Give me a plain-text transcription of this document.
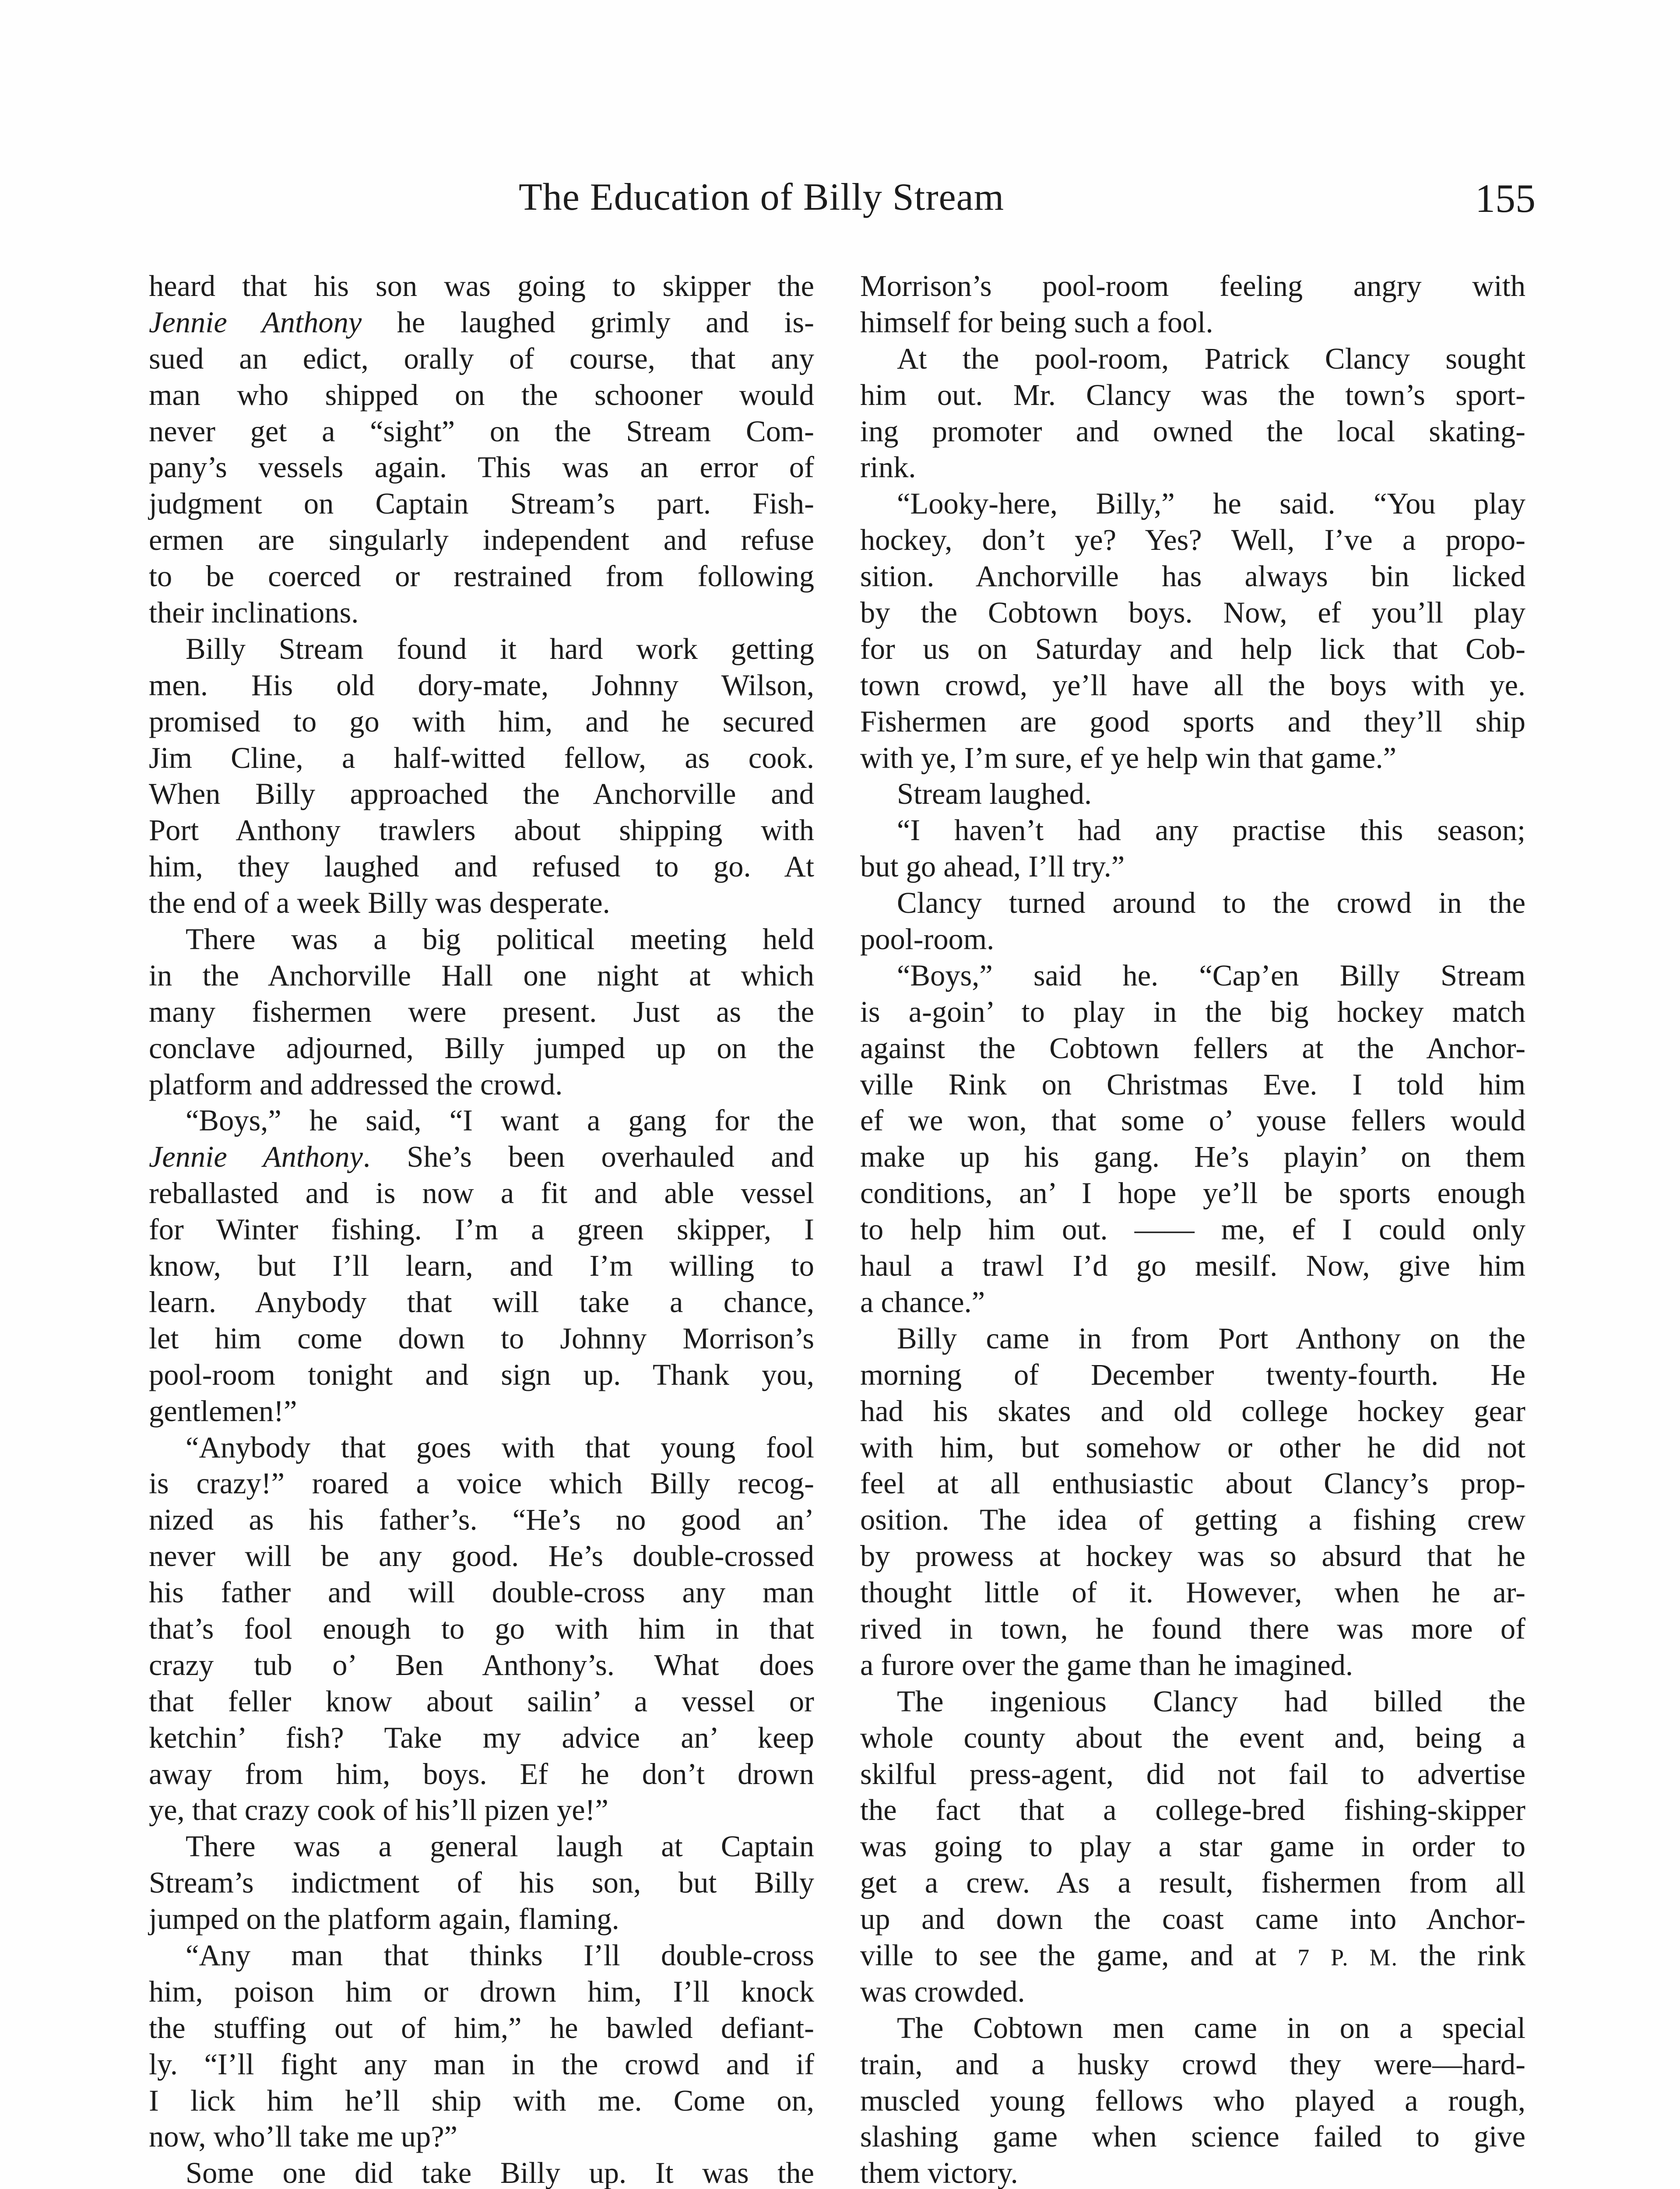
The Education of Billy Stream	155
heard that his son was going to skipper the
Jennie Anthony he laughed grimly and is-
sued an edict, orally of course, that any
man who shipped on the schooner would
never get a “sight” on the Stream Com-
pany’s vessels again. This was an error of
judgment on Captain Stream’s part. Fish-
ermen are singularly independent and refuse
to be coerced or restrained from following
their inclinations.
Billy Stream found it hard work getting
men. His old dory-mate, Johnny Wilson,
promised to go with him, and he secured
Jim Cline, a half-witted fellow, as cook.
When Billy approached the Anchorville and
Port Anthony trawlers about shipping with
him, they laughed and refused to go. At
the end of a week Billy was desperate.
There was a big political meeting held
in the Anchorville Hall one night at which
many fishermen were present. Just as the
conclave adjourned, Billy jumped up on the
platform and addressed the crowd.
“Boys,” he said, “I want a gang for the
Jennie Anthony. She’s been overhauled and
reballasted and is now a fit and able vessel
for Winter fishing. I’m a green skipper, I
know, but I’ll learn, and I’m willing to
learn. Anybody that will take a chance,
let him come down to Johnny Morrison’s
pool-room tonight and sign up. Thank you,
gentlemen!”
“Anybody that goes with that young fool
is crazy!” roared a voice which Billy recog-
nized as his father’s. “He’s no good an’
never will be any good. He’s double-crossed
his father and will double-cross any man
that’s fool enough to go with him in that
crazy tub o’ Ben Anthony’s. What does
that feller know about sailin’ a vessel or
ketchin’ fish? Take my advice an’ keep
away from him, boys. Ef he don’t drown
ye, that crazy cook of his’ll pizen ye!”
There was a general laugh at Captain
Stream’s indictment of his son, but Billy
jumped on the platform again, flaming.
“Any man that thinks I’ll double-cross
him, poison him or drown him, I’ll knock
the stuffing out of him,” he bawled defiant-
ly. “I’ll fight any man in the crowd and if
I lick him he’ll ship with me. Come on,
now, who’ll take me up?”
Some one did take Billy up. It was the
Morrison’s pool-room feeling angry with
himself for being such a fool.
At the pool-room, Patrick Clancy sought
him out. Mr. Clancy was the town’s sport-
ing promoter and owned the local skating-
rink.
“Looky-here, Billy,” he said. “You play
hockey, don’t ye? Yes? Well, I’ve a propo-
sition. Anchorville has always bin licked
by the Cobtown boys. Now, ef you’ll play
for us on Saturday and help lick that Cob-
town crowd, ye’ll have all the boys with ye.
Fishermen are good sports and they’ll ship
with ye, I’m sure, ef ye help win that game.”
Stream laughed.
“I haven’t had any practise this season;
but go ahead, I’ll try.”
Clancy turned around to the crowd in the
pool-room.
“Boys,” said he. “Cap’en Billy Stream
is a-goin’ to play in the big hockey match
against the Cobtown fellers at the Anchor-
ville Rink on Christmas Eve. I told him
ef we won, that some o’ youse fellers would
make up his gang. He’s playin’ on them
conditions, an’ I hope ye’ll be sports enough
to help him out. —— me, ef I could only
haul a trawl I’d go mesilf. Now, give him
a chance.”
Billy came in from Port Anthony on the
morning of December twenty-fourth. He
had his skates and old college hockey gear
with him, but somehow or other he did not
feel at all enthusiastic about Clancy’s prop-
osition. The idea of getting a fishing crew
by prowess at hockey was so absurd that he
thought little of it. However, when he ar-
rived in town, he found there was more of
a furore over the game than he imagined.
The ingenious Clancy had billed the
whole county about the event and, being a
skilful press-agent, did not fail to advertise
the fact that a college-bred fishing-skipper
was going to play a star game in order to
get a crew. As a result, fishermen from all
up and down the coast came into Anchor-
ville to see the game, and at 7 P. M. the rink
was crowded.
The Cobtown men came in on a special
train, and a husky crowd they were—hard-
muscled young fellows who played a rough,
slashing game when science failed to give
them victory.
